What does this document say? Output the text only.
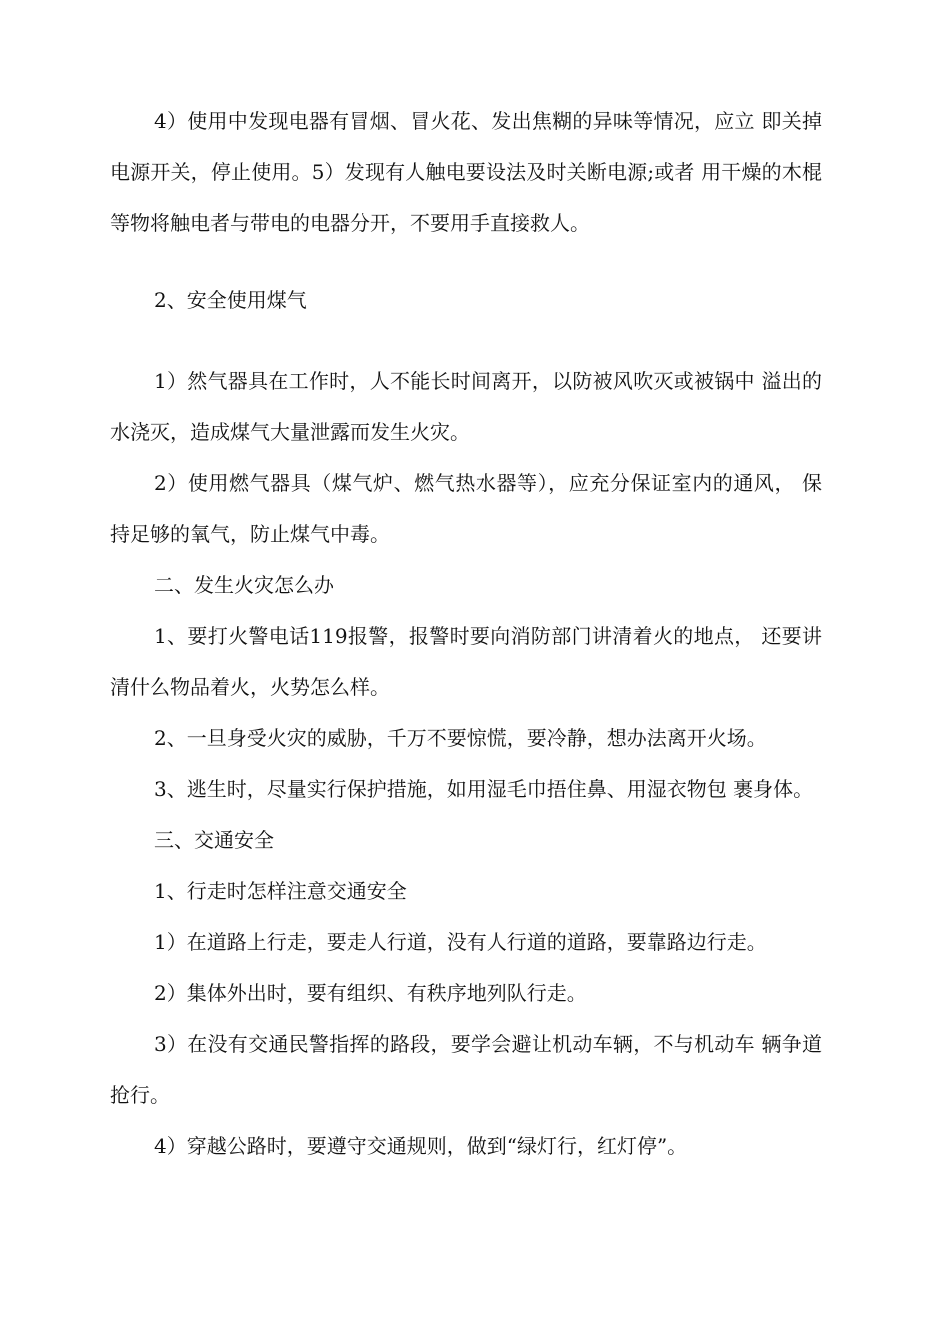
4）使用中发现电器有冒烟、冒火花、发出焦糊的异味等情况，应立 即关掉电源开关，停止使用。5）发现有人触电要设法及时关断电源;或者 用干燥的木棍等物将触电者与带电的电器分开，不要用手直接救人。

2、安全使用煤气

1）然气器具在工作时，人不能长时间离开，以防被风吹灭或被锅中 溢出的水浇灭，造成煤气大量泄露而发生火灾。

2）使用燃气器具（煤气炉、燃气热水器等），应充分保证室内的通风， 保持足够的氧气，防止煤气中毒。

二、发生火灾怎么办

1、要打火警电话119报警，报警时要向消防部门讲清着火的地点， 还要讲清什么物品着火，火势怎么样。

2、一旦身受火灾的威胁，千万不要惊慌，要冷静，想办法离开火场。

3、逃生时，尽量实行保护措施，如用湿毛巾捂住鼻、用湿衣物包 裹身体。

三、交通安全

1、行走时怎样注意交通安全

1）在道路上行走，要走人行道，没有人行道的道路，要靠路边行走。

2）集体外出时，要有组织、有秩序地列队行走。

3）在没有交通民警指挥的路段，要学会避让机动车辆，不与机动车 辆争道抢行。

4）穿越公路时，要遵守交通规则，做到“绿灯行，红灯停”。
